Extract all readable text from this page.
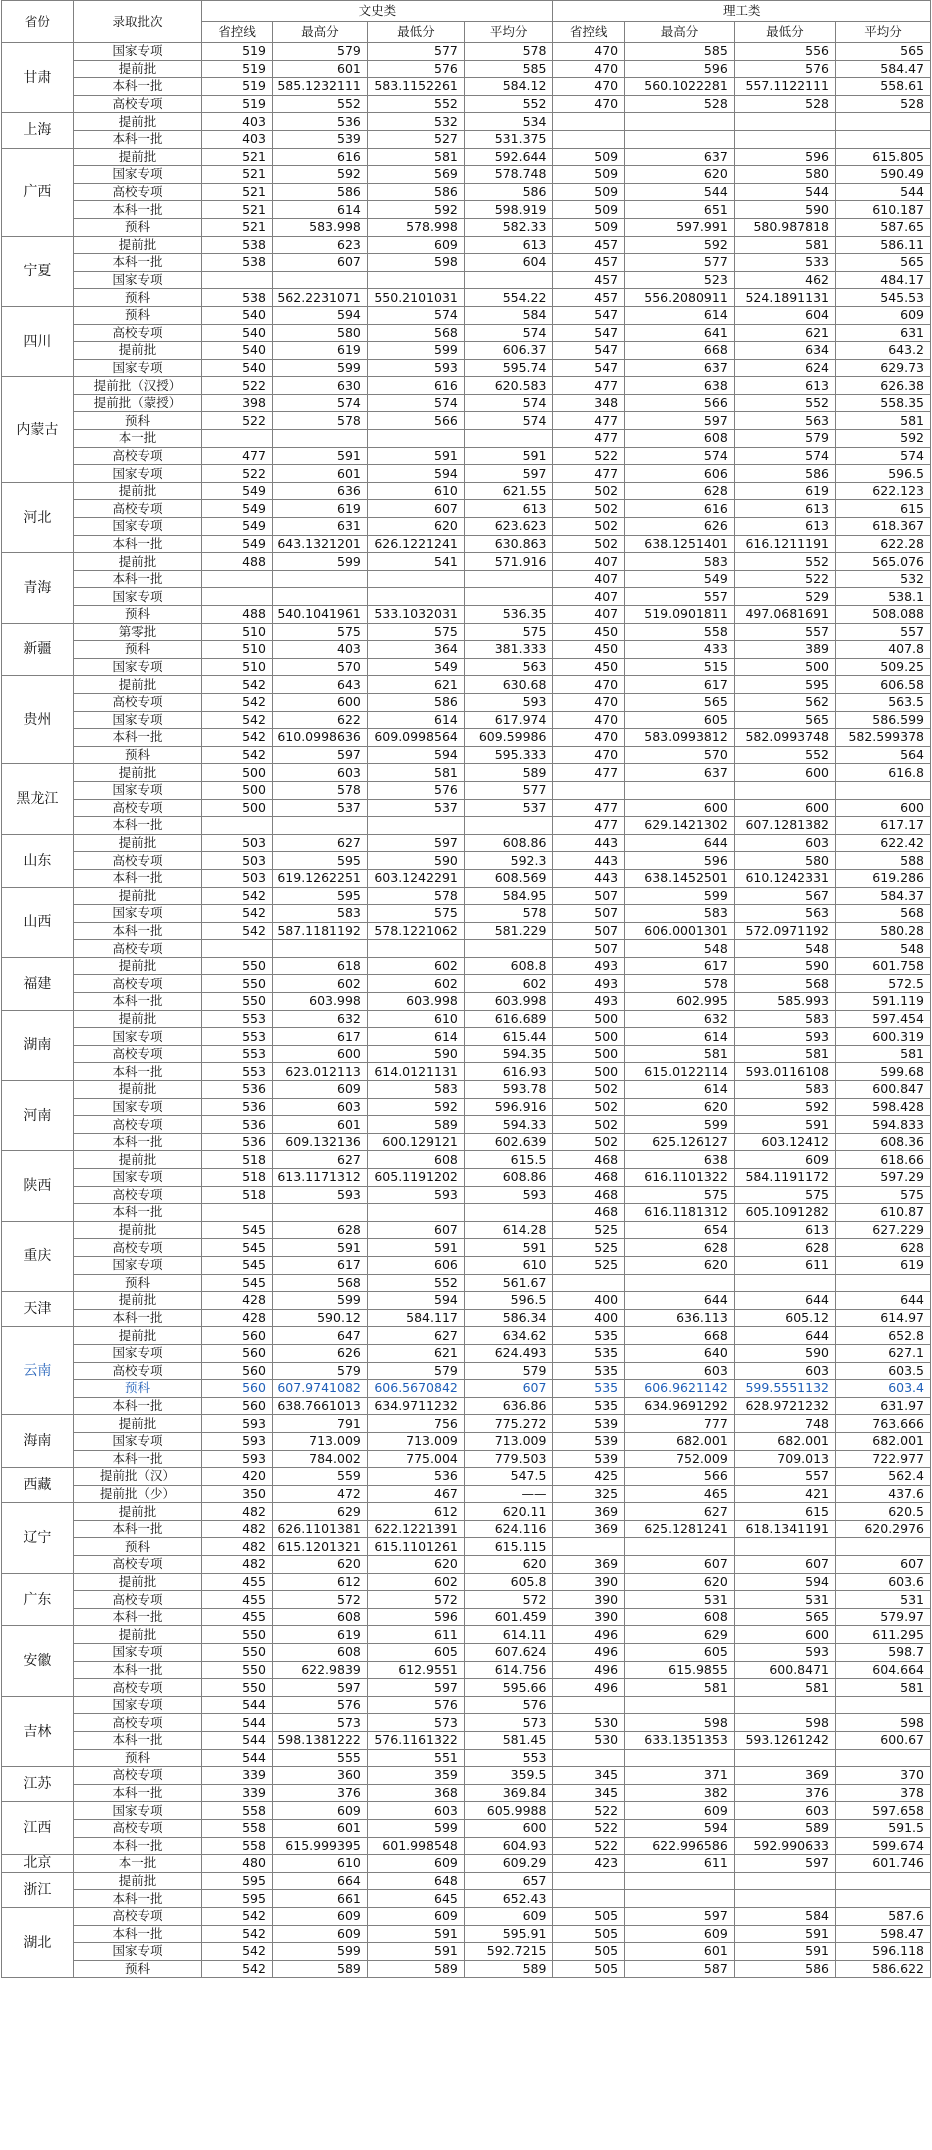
省份	录取批次	文史类				理工类			
		省控线	最高分	最低分	平均分	省控线	最高分	最低分	平均分
甘肃	国家专项	519	579	577	578	470	585	556	565
	提前批	519	601	576	585	470	596	576	584.47
	本科一批	519	585.1232111	583.1152261	584.12	470	560.1022281	557.1122111	558.61
	高校专项	519	552	552	552	470	528	528	528
上海	提前批	403	536	532	534				
	本科一批	403	539	527	531.375				
广西	提前批	521	616	581	592.644	509	637	596	615.805
	国家专项	521	592	569	578.748	509	620	580	590.49
	高校专项	521	586	586	586	509	544	544	544
	本科一批	521	614	592	598.919	509	651	590	610.187
	预科	521	583.998	578.998	582.33	509	597.991	580.987818	587.65
宁夏	提前批	538	623	609	613	457	592	581	586.11
	本科一批	538	607	598	604	457	577	533	565
	国家专项					457	523	462	484.17
	预科	538	562.2231071	550.2101031	554.22	457	556.2080911	524.1891131	545.53
四川	预科	540	594	574	584	547	614	604	609
	高校专项	540	580	568	574	547	641	621	631
	提前批	540	619	599	606.37	547	668	634	643.2
	国家专项	540	599	593	595.74	547	637	624	629.73
内蒙古	提前批（汉授）	522	630	616	620.583	477	638	613	626.38
	提前批（蒙授）	398	574	574	574	348	566	552	558.35
	预科	522	578	566	574	477	597	563	581
	本一批					477	608	579	592
	高校专项	477	591	591	591	522	574	574	574
	国家专项	522	601	594	597	477	606	586	596.5
河北	提前批	549	636	610	621.55	502	628	619	622.123
	高校专项	549	619	607	613	502	616	613	615
	国家专项	549	631	620	623.623	502	626	613	618.367
	本科一批	549	643.1321201	626.1221241	630.863	502	638.1251401	616.1211191	622.28
青海	提前批	488	599	541	571.916	407	583	552	565.076
	本科一批					407	549	522	532
	国家专项					407	557	529	538.1
	预科	488	540.1041961	533.1032031	536.35	407	519.0901811	497.0681691	508.088
新疆	第零批	510	575	575	575	450	558	557	557
	预科	510	403	364	381.333	450	433	389	407.8
	国家专项	510	570	549	563	450	515	500	509.25
贵州	提前批	542	643	621	630.68	470	617	595	606.58
	高校专项	542	600	586	593	470	565	562	563.5
	国家专项	542	622	614	617.974	470	605	565	586.599
	本科一批	542	610.0998636	609.0998564	609.59986	470	583.0993812	582.0993748	582.599378
	预科	542	597	594	595.333	470	570	552	564
黑龙江	提前批	500	603	581	589	477	637	600	616.8
	国家专项	500	578	576	577				
	高校专项	500	537	537	537	477	600	600	600
	本科一批					477	629.1421302	607.1281382	617.17
山东	提前批	503	627	597	608.86	443	644	603	622.42
	高校专项	503	595	590	592.3	443	596	580	588
	本科一批	503	619.1262251	603.1242291	608.569	443	638.1452501	610.1242331	619.286
山西	提前批	542	595	578	584.95	507	599	567	584.37
	国家专项	542	583	575	578	507	583	563	568
	本科一批	542	587.1181192	578.1221062	581.229	507	606.0001301	572.0971192	580.28
	高校专项					507	548	548	548
福建	提前批	550	618	602	608.8	493	617	590	601.758
	高校专项	550	602	602	602	493	578	568	572.5
	本科一批	550	603.998	603.998	603.998	493	602.995	585.993	591.119
湖南	提前批	553	632	610	616.689	500	632	583	597.454
	国家专项	553	617	614	615.44	500	614	593	600.319
	高校专项	553	600	590	594.35	500	581	581	581
	本科一批	553	623.012113	614.0121131	616.93	500	615.0122114	593.0116108	599.68
河南	提前批	536	609	583	593.78	502	614	583	600.847
	国家专项	536	603	592	596.916	502	620	592	598.428
	高校专项	536	601	589	594.33	502	599	591	594.833
	本科一批	536	609.132136	600.129121	602.639	502	625.126127	603.12412	608.36
陕西	提前批	518	627	608	615.5	468	638	609	618.66
	国家专项	518	613.1171312	605.1191202	608.86	468	616.1101322	584.1191172	597.29
	高校专项	518	593	593	593	468	575	575	575
	本科一批					468	616.1181312	605.1091282	610.87
重庆	提前批	545	628	607	614.28	525	654	613	627.229
	高校专项	545	591	591	591	525	628	628	628
	国家专项	545	617	606	610	525	620	611	619
	预科	545	568	552	561.67				
天津	提前批	428	599	594	596.5	400	644	644	644
	本科一批	428	590.12	584.117	586.34	400	636.113	605.12	614.97
云南	提前批	560	647	627	634.62	535	668	644	652.8
	国家专项	560	626	621	624.493	535	640	590	627.1
	高校专项	560	579	579	579	535	603	603	603.5
	预科	560	607.9741082	606.5670842	607	535	606.9621142	599.5551132	603.4
	本科一批	560	638.7661013	634.9711232	636.86	535	634.9691292	628.9721232	631.97
海南	提前批	593	791	756	775.272	539	777	748	763.666
	国家专项	593	713.009	713.009	713.009	539	682.001	682.001	682.001
	本科一批	593	784.002	775.004	779.503	539	752.009	709.013	722.977
西藏	提前批（汉）	420	559	536	547.5	425	566	557	562.4
	提前批（少）	350	472	467	——	325	465	421	437.6
辽宁	提前批	482	629	612	620.11	369	627	615	620.5
	本科一批	482	626.1101381	622.1221391	624.116	369	625.1281241	618.1341191	620.2976
	预科	482	615.1201321	615.1101261	615.115				
	高校专项	482	620	620	620	369	607	607	607
广东	提前批	455	612	602	605.8	390	620	594	603.6
	高校专项	455	572	572	572	390	531	531	531
	本科一批	455	608	596	601.459	390	608	565	579.97
安徽	提前批	550	619	611	614.11	496	629	600	611.295
	国家专项	550	608	605	607.624	496	605	593	598.7
	本科一批	550	622.9839	612.9551	614.756	496	615.9855	600.8471	604.664
	高校专项	550	597	597	595.66	496	581	581	581
吉林	国家专项	544	576	576	576				
	高校专项	544	573	573	573	530	598	598	598
	本科一批	544	598.1381222	576.1161322	581.45	530	633.1351353	593.1261242	600.67
	预科	544	555	551	553				
江苏	高校专项	339	360	359	359.5	345	371	369	370
	本科一批	339	376	368	369.84	345	382	376	378
江西	国家专项	558	609	603	605.9988	522	609	603	597.658
	高校专项	558	601	599	600	522	594	589	591.5
	本科一批	558	615.999395	601.998548	604.93	522	622.996586	592.990633	599.674
北京	本一批	480	610	609	609.29	423	611	597	601.746
浙江	提前批	595	664	648	657				
	本科一批	595	661	645	652.43				
湖北	高校专项	542	609	609	609	505	597	584	587.6
	本科一批	542	609	591	595.91	505	609	591	598.47
	国家专项	542	599	591	592.7215	505	601	591	596.118
	预科	542	589	589	589	505	587	586	586.622
